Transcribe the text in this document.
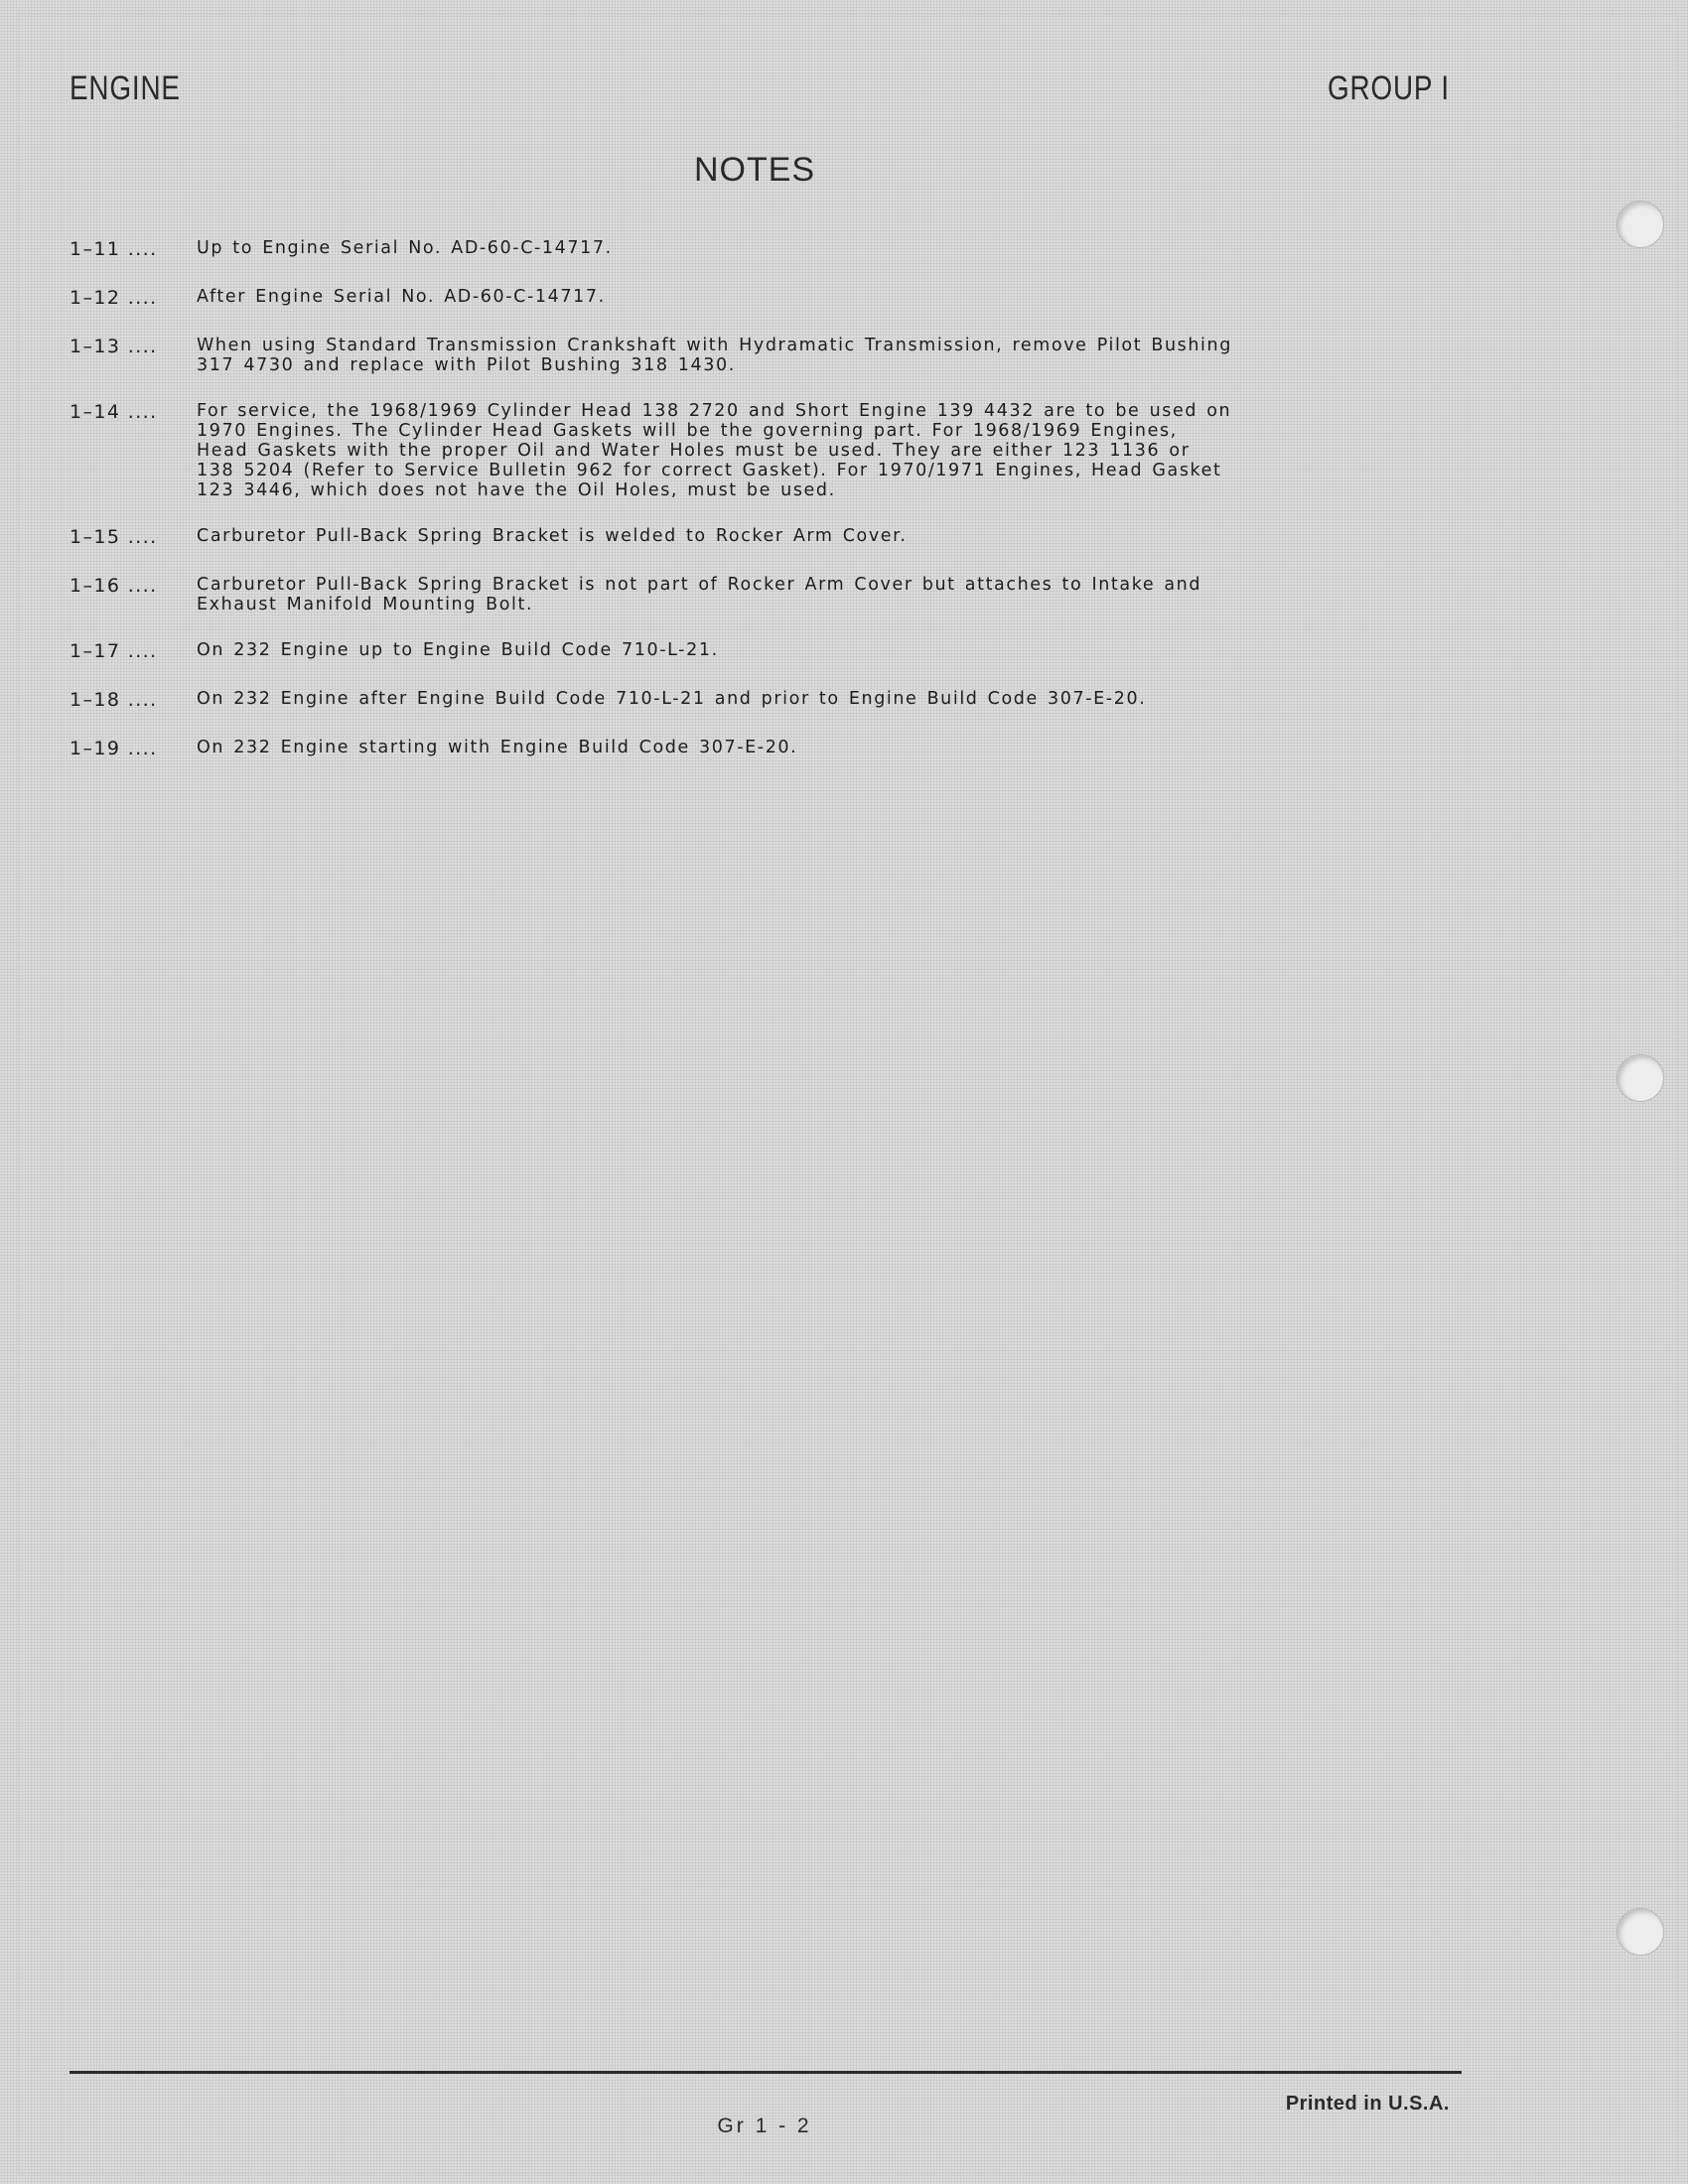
ENGINE	GROUP I
NOTES
1–11 ....	Up to Engine Serial No. AD-60-C-14717.
1–12 ....	After Engine Serial No. AD-60-C-14717.
1–13 ....	When using Standard Transmission Crankshaft with Hydramatic Transmission, remove Pilot Bushing
317 4730 and replace with Pilot Bushing 318 1430.
1–14 ....	For service, the 1968/1969 Cylinder Head 138 2720 and Short Engine 139 4432 are to be used on
1970 Engines. The Cylinder Head Gaskets will be the governing part. For 1968/1969 Engines,
Head Gaskets with the proper Oil and Water Holes must be used. They are either 123 1136 or
138 5204 (Refer to Service Bulletin 962 for correct Gasket). For 1970/1971 Engines, Head Gasket
123 3446, which does not have the Oil Holes, must be used.
1–15 ....	Carburetor Pull-Back Spring Bracket is welded to Rocker Arm Cover.
1–16 ....	Carburetor Pull-Back Spring Bracket is not part of Rocker Arm Cover but attaches to Intake and
Exhaust Manifold Mounting Bolt.
1–17 ....	On 232 Engine up to Engine Build Code 710-L-21.
1–18 ....	On 232 Engine after Engine Build Code 710-L-21 and prior to Engine Build Code 307-E-20.
1–19 ....	On 232 Engine starting with Engine Build Code 307-E-20.
Printed in U.S.A.
Gr 1 - 2
